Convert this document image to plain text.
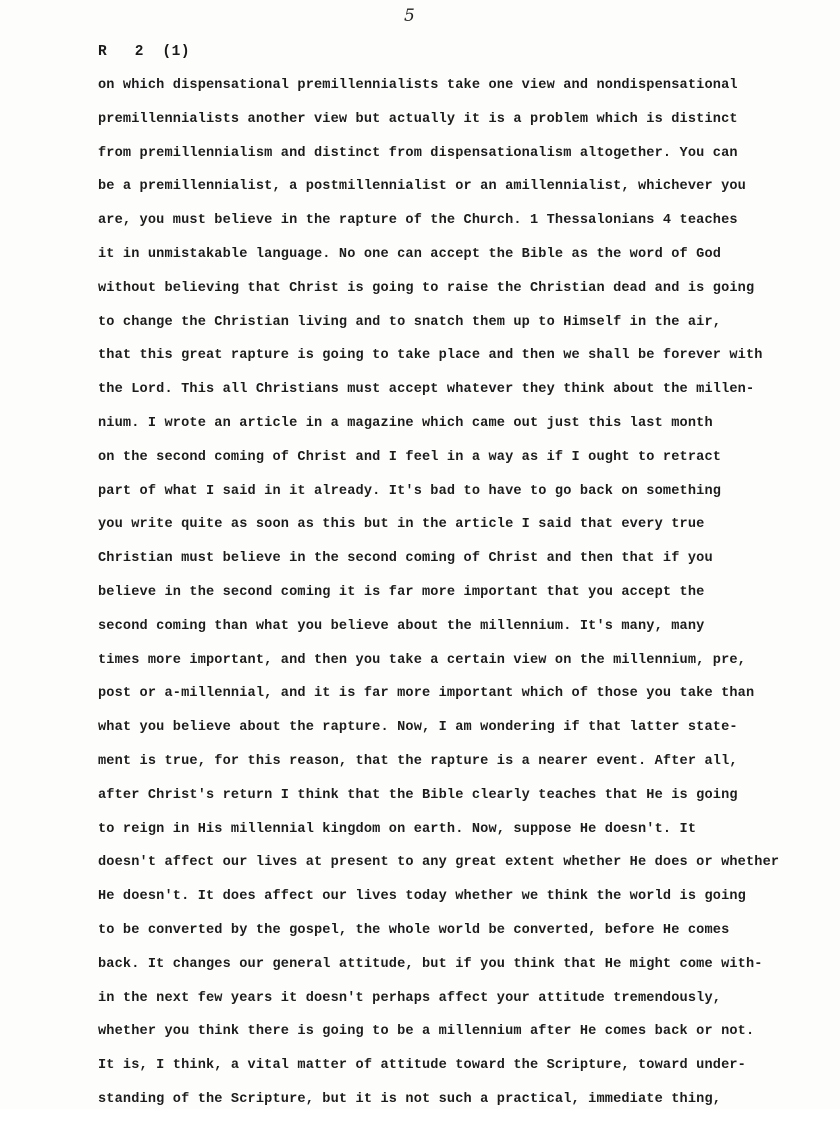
5
R   2  (1)
on which dispensational premillennialists take one view and nondispensational
premillennialists another view but actually it is a problem which is distinct
from premillennialism and distinct from dispensationalism altogether. You can
be a premillennialist, a postmillennialist or an amillennialist, whichever you
are, you must believe in the rapture of the Church. 1 Thessalonians 4 teaches
it in unmistakable language. No one can accept the Bible as the word of God
without believing that Christ is going to raise the Christian dead and is going
to change the Christian living and to snatch them up to Himself in the air,
that this great rapture is going to take place and then we shall be forever with
the Lord. This all Christians must accept whatever they think about the millen-
nium. I wrote an article in a magazine which came out just this last month
on the second coming of Christ and I feel in a way as if I ought to retract
part of what I said in it already. It's bad to have to go back on something
you write quite as soon as this but in the article I said that every true
Christian must believe in the second coming of Christ and then that if you
believe in the second coming it is far more important that you accept the
second coming than what you believe about the millennium. It's many, many
times more important, and then you take a certain view on the millennium, pre,
post or a-millennial, and it is far more important which of those you take than
what you believe about the rapture. Now, I am wondering if that latter state-
ment is true, for this reason, that the rapture is a nearer event. After all,
after Christ's return I think that the Bible clearly teaches that He is going
to reign in His millennial kingdom on earth. Now, suppose He doesn't. It
doesn't affect our lives at present to any great extent whether He does or whether
He doesn't. It does affect our lives today whether we think the world is going
to be converted by the gospel, the whole world be converted, before He comes
back. It changes our general attitude, but if you think that He might come with-
in the next few years it doesn't perhaps affect your attitude tremendously,
whether you think there is going to be a millennium after He comes back or not.
It is, I think, a vital matter of attitude toward the Scripture, toward under-
standing of the Scripture, but it is not such a practical, immediate thing,
